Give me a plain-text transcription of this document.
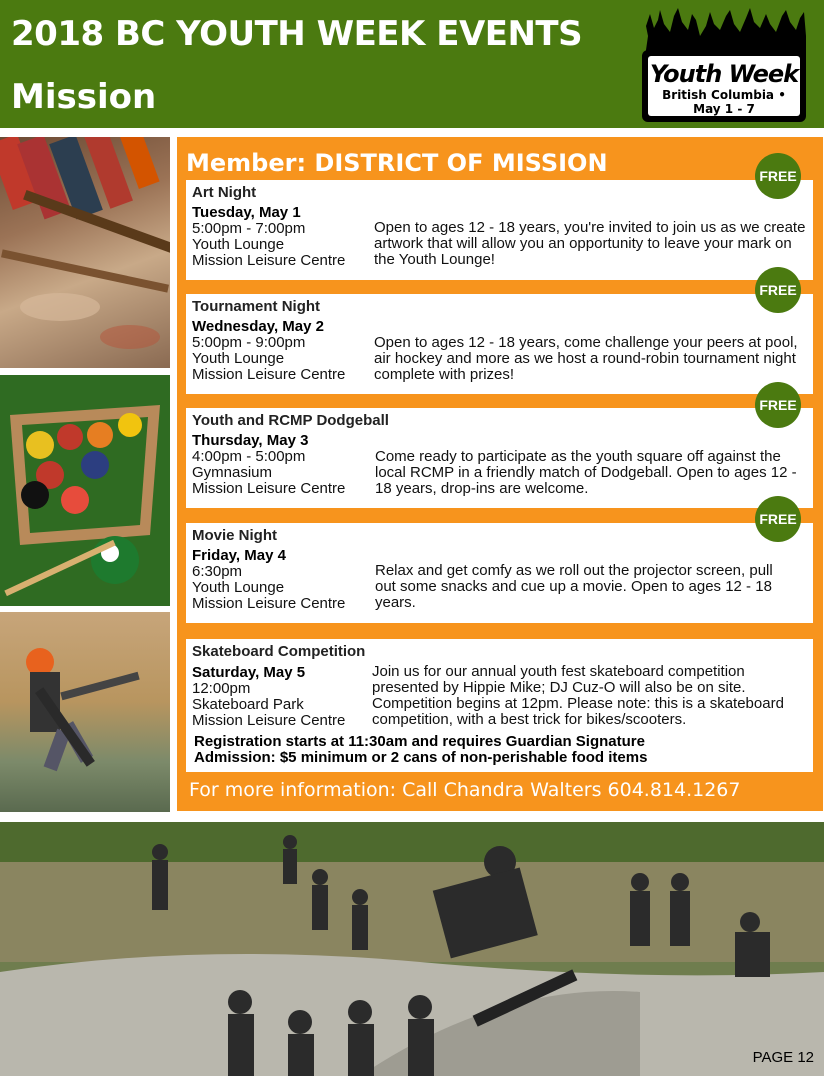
2018 BC YOUTH WEEK EVENTS
Mission
Youth Week
British Columbia • May 1 - 7
Member: DISTRICT OF MISSION
Art Night
Tuesday, May 1
5:00pm - 7:00pm
Youth Lounge
Mission Leisure Centre
Open to ages 12 - 18 years, you're invited to join us as we create artwork that will allow you an opportunity to leave your mark on the Youth Lounge!
FREE
Tournament Night
Wednesday, May 2
5:00pm - 9:00pm
Youth Lounge
Mission Leisure Centre
Open to ages 12 - 18 years, come challenge your peers at pool, air hockey and more as we host a round-robin tournament night complete with prizes!
FREE
Youth and RCMP Dodgeball
Thursday, May 3
4:00pm - 5:00pm
Gymnasium
Mission Leisure Centre
Come ready to participate as the youth square off against the local RCMP in a friendly match of Dodgeball. Open to ages 12 - 18 years, drop-ins are welcome.
FREE
Movie Night
Friday, May 4
6:30pm
Youth Lounge
Mission Leisure Centre
Relax and get comfy as we roll out the projector screen, pull out some snacks and cue up a movie. Open to ages 12 - 18 years.
FREE
Skateboard Competition
Saturday, May 5
12:00pm
Skateboard Park
Mission Leisure Centre
Join us for our annual youth fest skateboard competition presented by Hippie Mike; DJ Cuz-O will also be on site. Competition begins at 12pm. Please note: this is a skateboard competition, with a best trick for bikes/scooters.
Registration starts at 11:30am and requires Guardian Signature
Admission: $5 minimum or 2 cans of non-perishable food items
For more information: Call Chandra Walters 604.814.1267
PAGE 12
